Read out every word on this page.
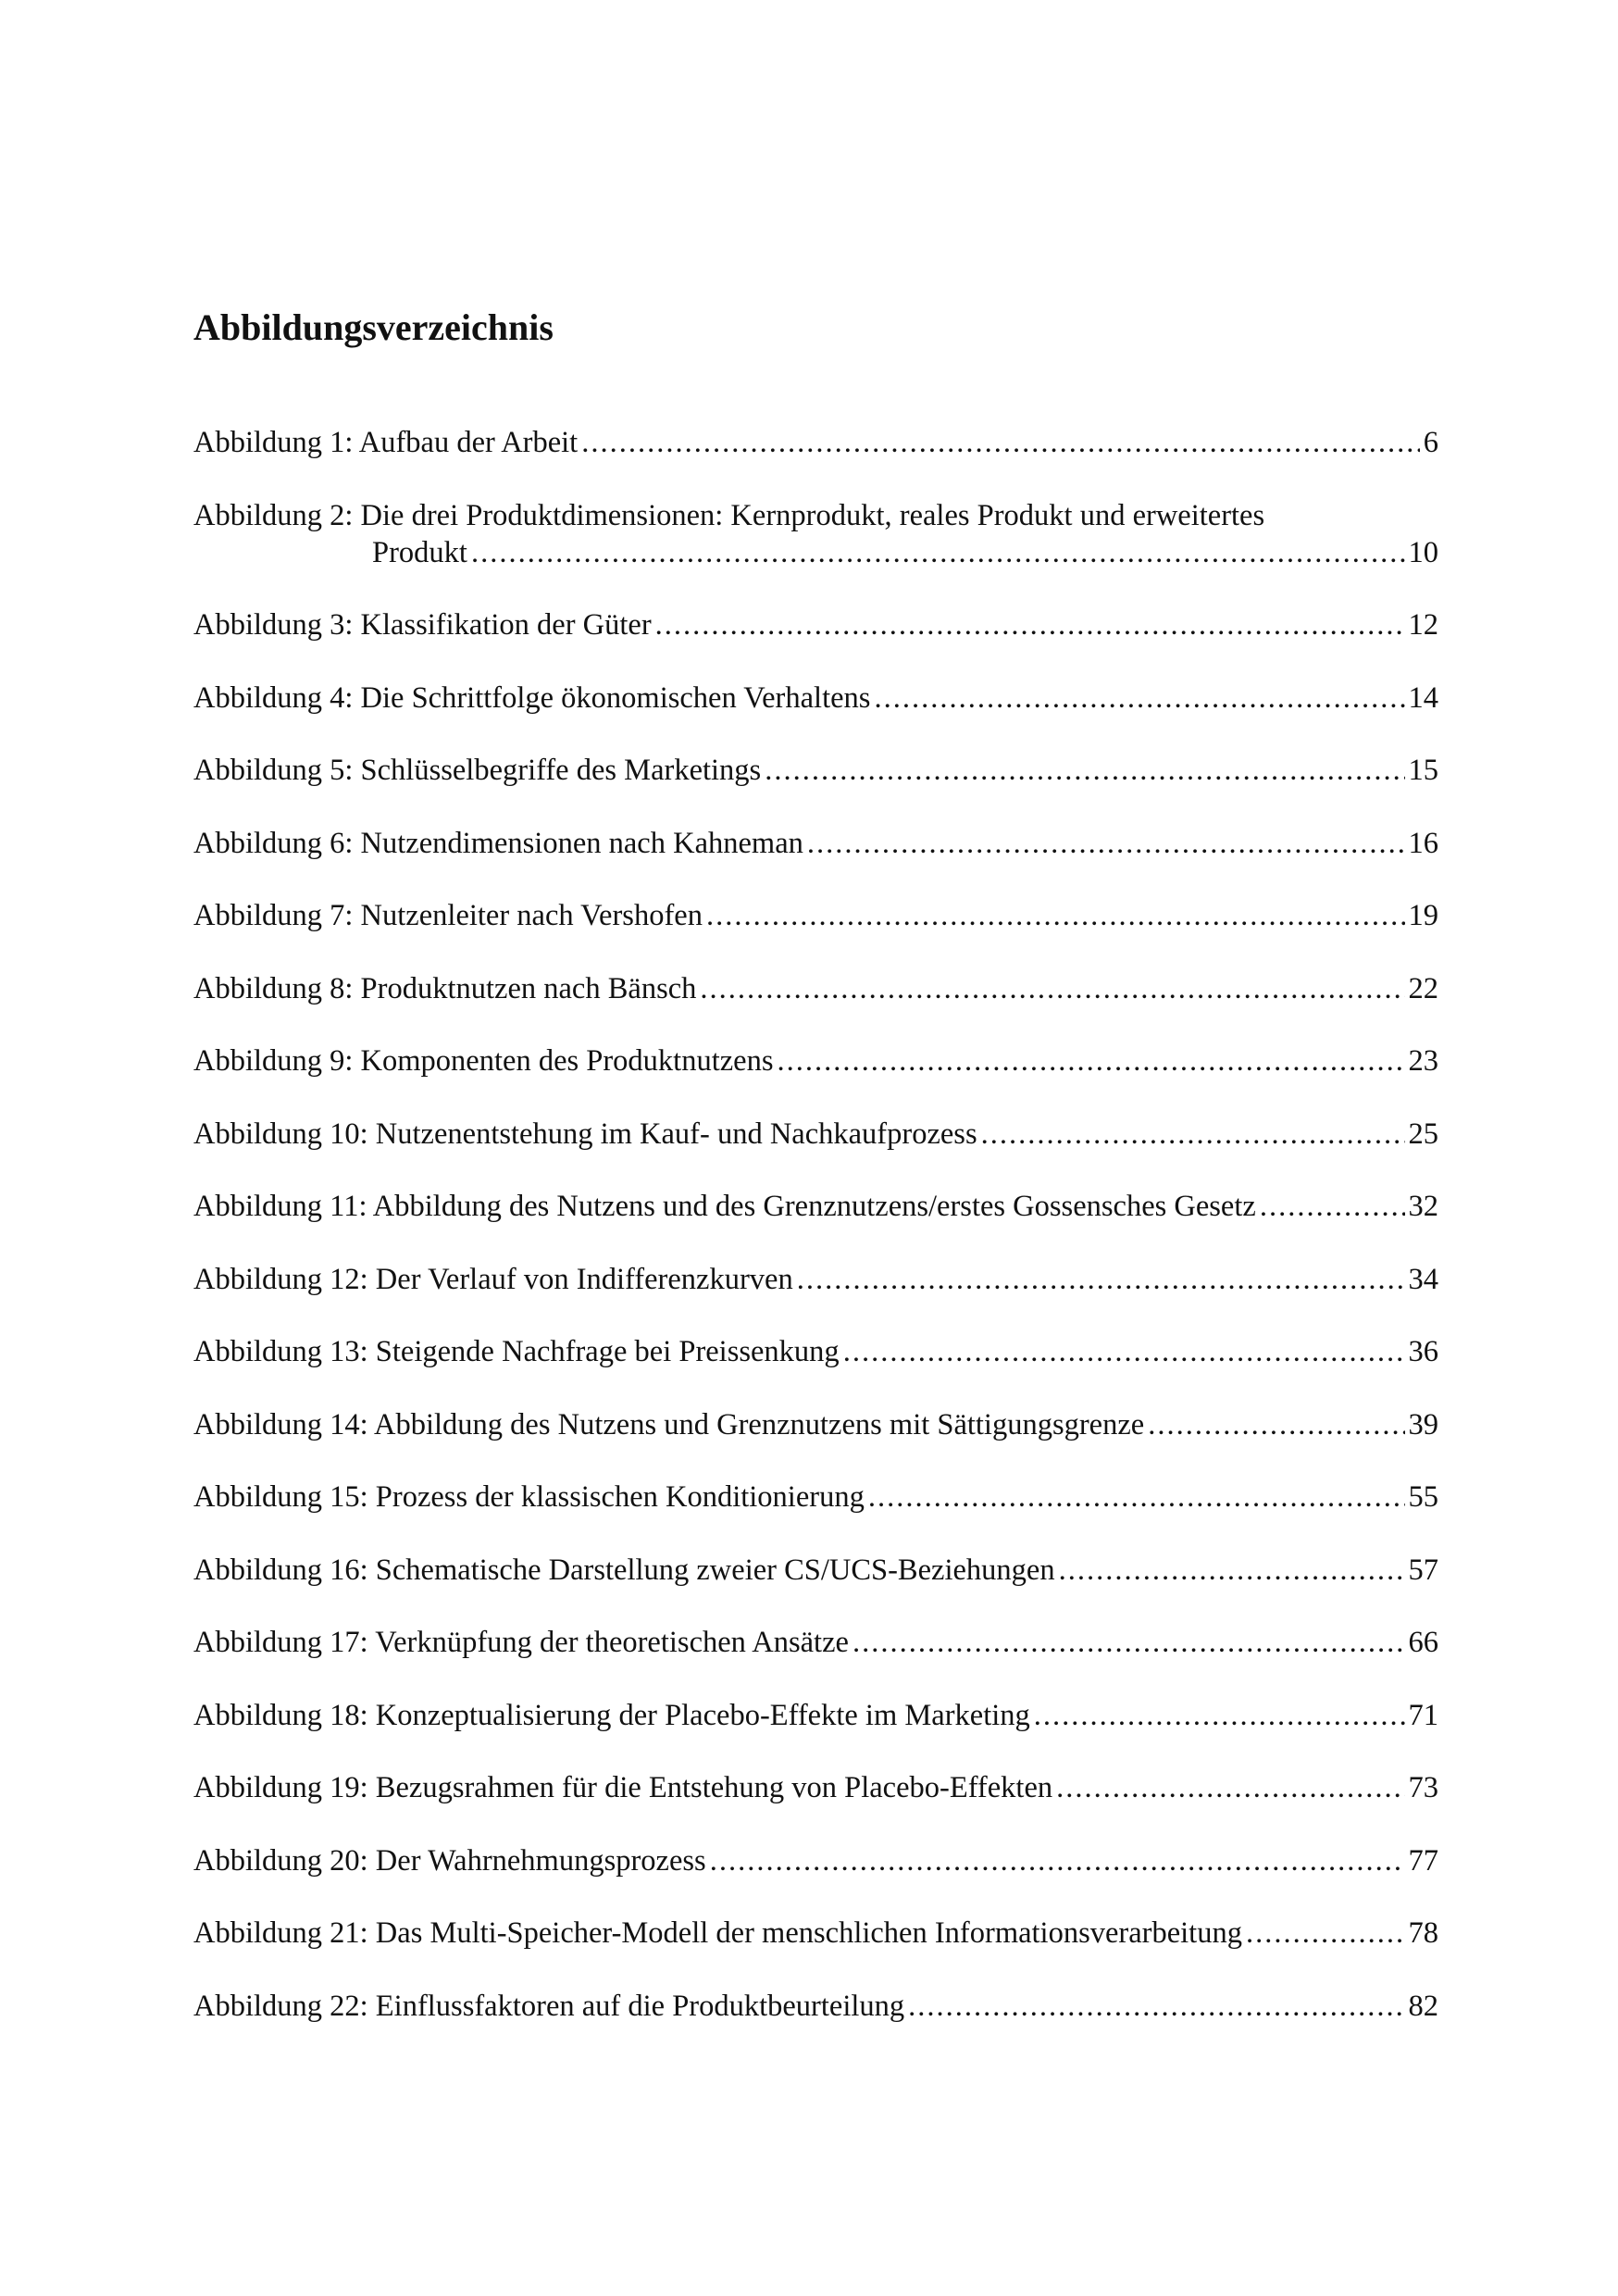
Abbildungsverzeichnis
Abbildung 1: Aufbau der Arbeit .....	6
Abbildung 2: Die drei Produktdimensionen: Kernprodukt, reales Produkt und erweitertes
Produkt .....	10
Abbildung 3: Klassifikation der Güter .....	12
Abbildung 4: Die Schrittfolge ökonomischen Verhaltens .....	14
Abbildung 5: Schlüsselbegriffe des Marketings .....	15
Abbildung 6: Nutzendimensionen nach Kahneman .....	16
Abbildung 7: Nutzenleiter nach Vershofen .....	19
Abbildung 8: Produktnutzen nach Bänsch .....	22
Abbildung 9: Komponenten des Produktnutzens .....	23
Abbildung 10: Nutzenentstehung im Kauf- und Nachkaufprozess .....	25
Abbildung 11: Abbildung des Nutzens und des Grenznutzens/erstes Gossensches Gesetz .....	32
Abbildung 12: Der Verlauf von Indifferenzkurven .....	34
Abbildung 13: Steigende Nachfrage bei Preissenkung .....	36
Abbildung 14: Abbildung des Nutzens und Grenznutzens mit Sättigungsgrenze .....	39
Abbildung 15: Prozess der klassischen Konditionierung .....	55
Abbildung 16: Schematische Darstellung zweier CS/UCS-Beziehungen .....	57
Abbildung 17: Verknüpfung der theoretischen Ansätze .....	66
Abbildung 18: Konzeptualisierung der Placebo-Effekte im Marketing .....	71
Abbildung 19: Bezugsrahmen für die Entstehung von Placebo-Effekten .....	73
Abbildung 20: Der Wahrnehmungsprozess .....	77
Abbildung 21: Das Multi-Speicher-Modell der menschlichen Informationsverarbeitung .....	78
Abbildung 22: Einflussfaktoren auf die Produktbeurteilung .....	82
